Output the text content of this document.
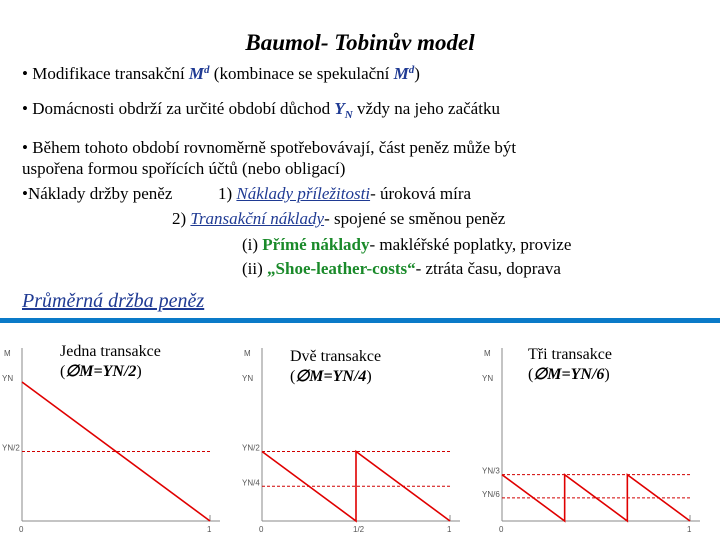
Baumol- Tobinův model
• Modifikace transakční $M^d$ (kombinace se spekulační $M^d$)
• Domácnosti obdrží za určité období důchod $Y_N$ vždy na jeho začátku
• Během tohoto období rovnoměrně spotřebovávají, část peněz může být
uspořena formou spořících účtů (nebo obligací)
•Náklady držby peněz	1) Náklady příležitosti- úroková míra
2) Transakční náklady- spojené se směnou peněz
(i) Přímé náklady- makléřské poplatky, provize
(ii) „Shoe-leather-costs“- ztráta času, doprava
Průměrná držba peněz
Jedna transakce
(∅M=YN/2)
Dvě transakce
(∅M=YN/4)
Tři transakce
(∅M=YN/6)
M
YN
YN/2
0	1
M
YN
YN/2
YN/4
0	1/2	1
M
YN
YN/3
YN/6
0	1
